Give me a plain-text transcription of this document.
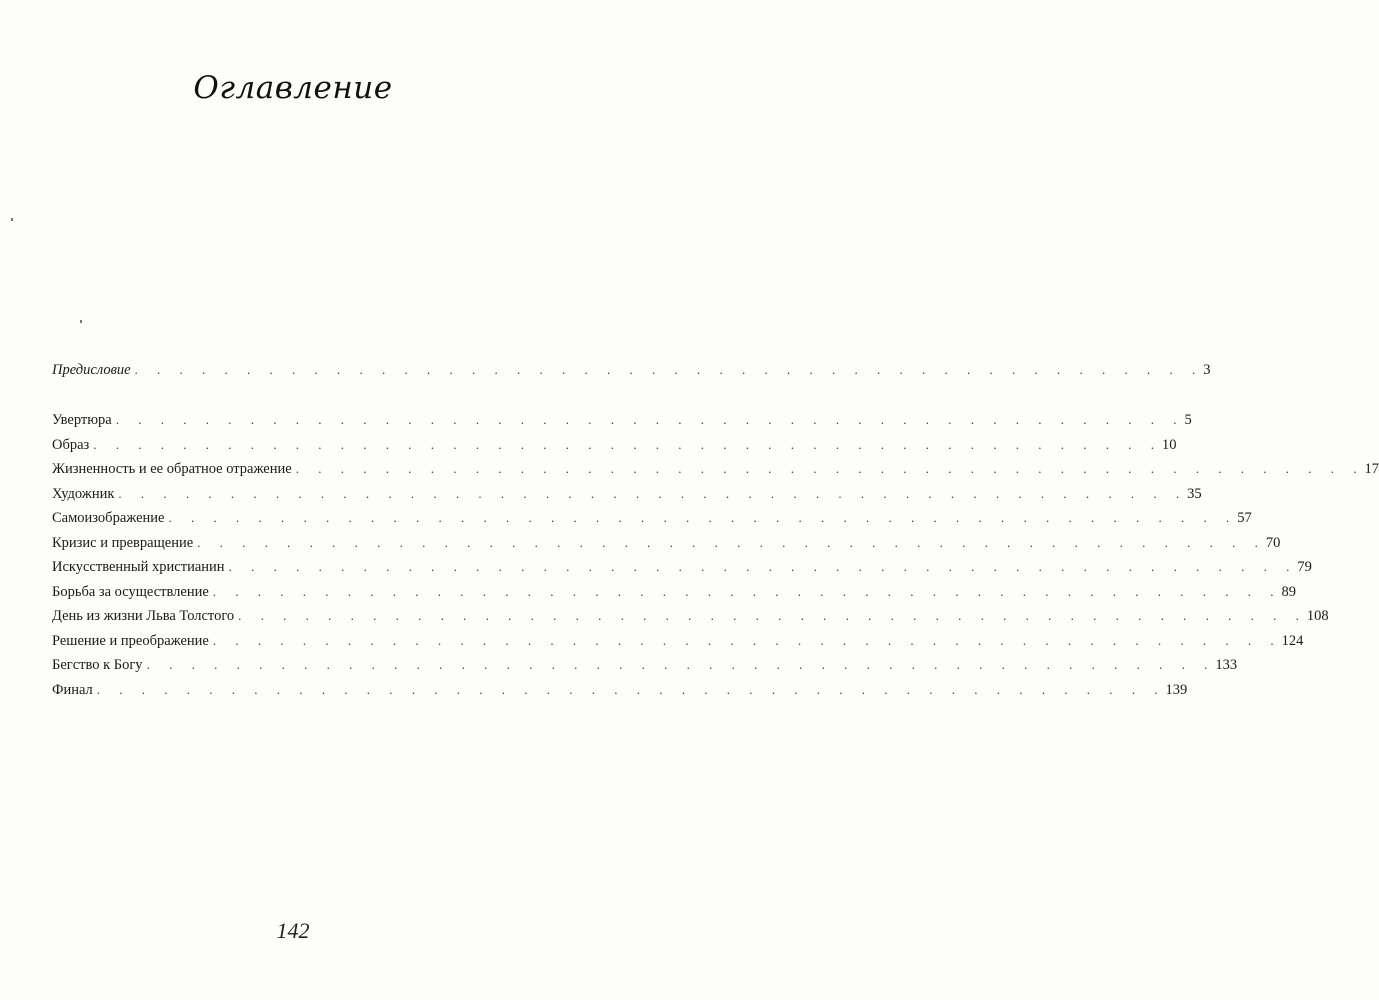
Оглавление
Предисловие . . . . . . . . . . . . . . . . . . . . . . . . . . . . . . . . . . . . . . . . . . . . . . . . 3
Увертюра . . . . . . . . . . . . . . . . . . . . . . . . . . . . . . . . . . . . . . . . . . . . . . . . 5
Образ . . . . . . . . . . . . . . . . . . . . . . . . . . . . . . . . . . . . . . . . . . . . . . . . 10
Жизненность и ее обратное отражение . . . . . . . . . . . . . . . . . . . . . . . . . . . . . . . . . . . . . . . . . . . . . . . . 17
Художник . . . . . . . . . . . . . . . . . . . . . . . . . . . . . . . . . . . . . . . . . . . . . . . . 35
Самоизображение . . . . . . . . . . . . . . . . . . . . . . . . . . . . . . . . . . . . . . . . . . . . . . . . 57
Кризис и превращение . . . . . . . . . . . . . . . . . . . . . . . . . . . . . . . . . . . . . . . . . . . . . . . . 70
Искусственный христианин . . . . . . . . . . . . . . . . . . . . . . . . . . . . . . . . . . . . . . . . . . . . . . . . 79
Борьба за осуществление . . . . . . . . . . . . . . . . . . . . . . . . . . . . . . . . . . . . . . . . . . . . . . . . 89
День из жизни Льва Толстого . . . . . . . . . . . . . . . . . . . . . . . . . . . . . . . . . . . . . . . . . . . . . . . . 108
Решение и преображение . . . . . . . . . . . . . . . . . . . . . . . . . . . . . . . . . . . . . . . . . . . . . . . . 124
Бегство к Богу . . . . . . . . . . . . . . . . . . . . . . . . . . . . . . . . . . . . . . . . . . . . . . . . 133
Финал . . . . . . . . . . . . . . . . . . . . . . . . . . . . . . . . . . . . . . . . . . . . . . . . 139
142
